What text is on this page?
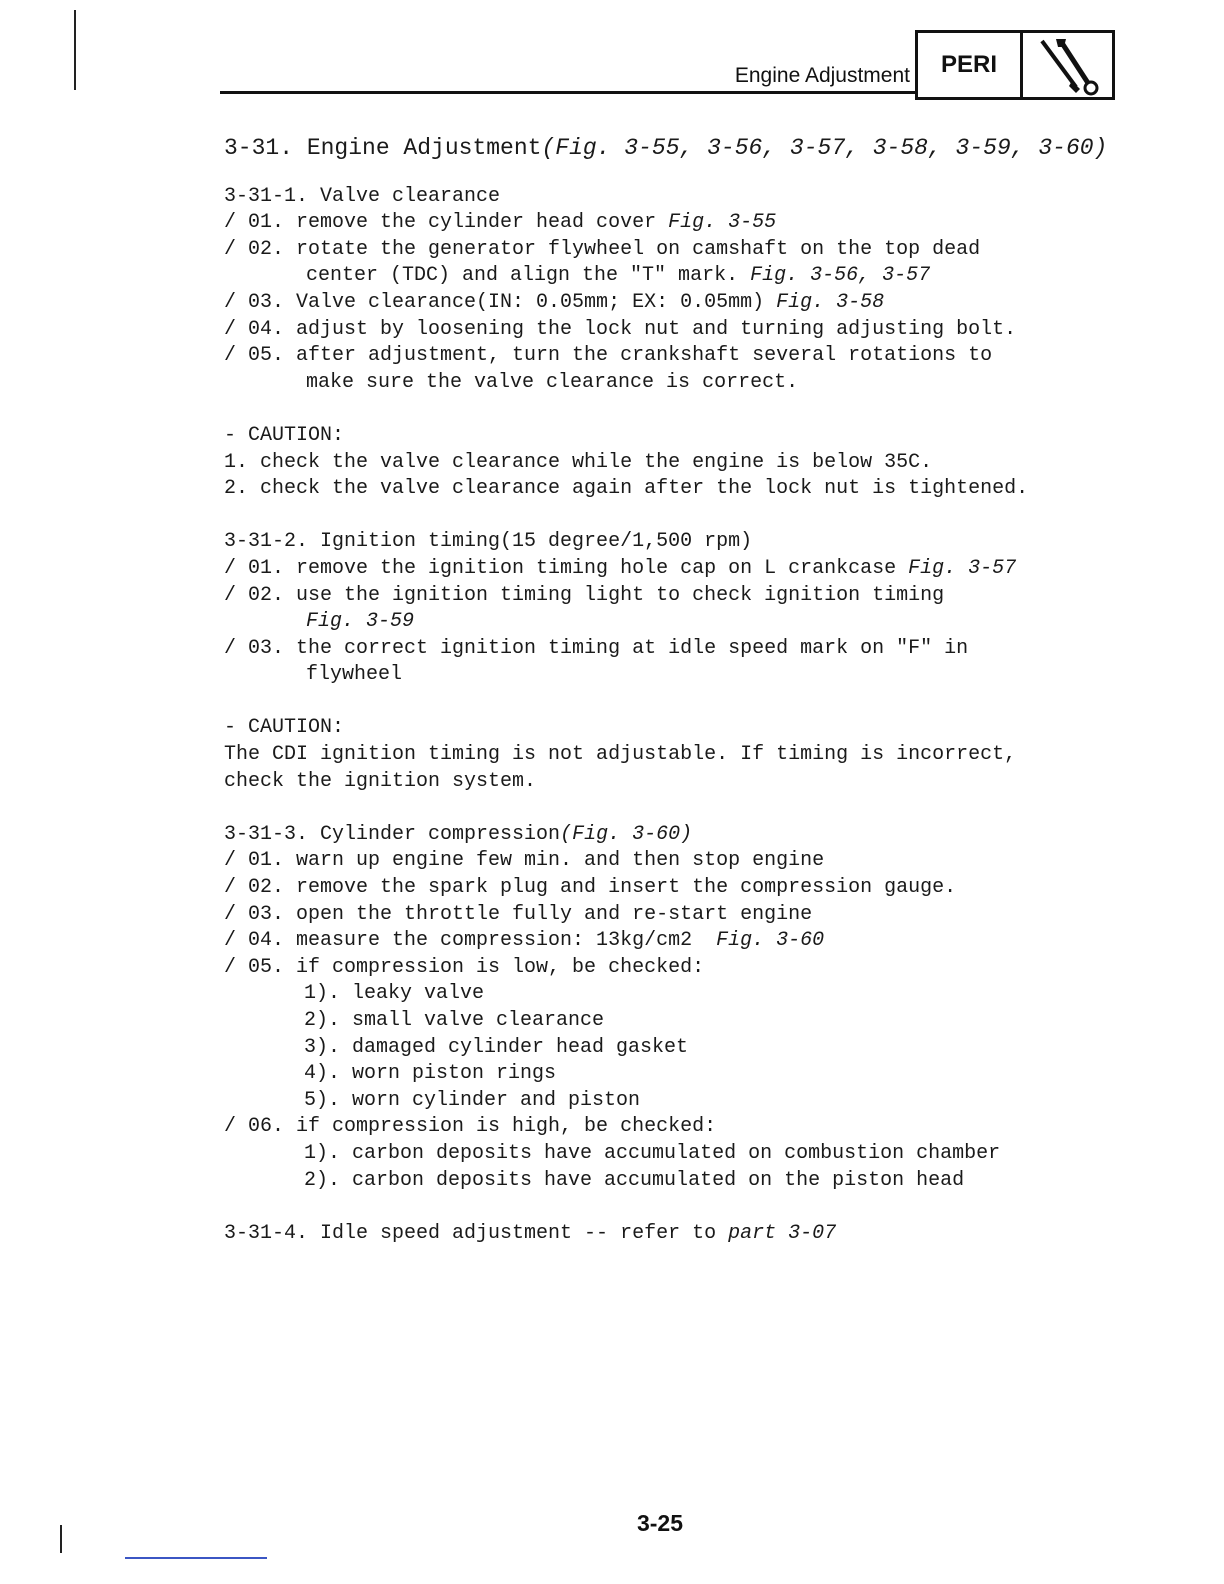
Engine Adjustment	PERI
3-31. Engine Adjustment(Fig. 3-55, 3-56, 3-57, 3-58, 3-59, 3-60)
3-31-1. Valve clearance
/ 01. remove the cylinder head cover Fig. 3-55
/ 02. rotate the generator flywheel on camshaft on the top dead
center (TDC) and align the "T" mark. Fig. 3-56, 3-57
/ 03. Valve clearance(IN: 0.05mm; EX: 0.05mm) Fig. 3-58
/ 04. adjust by loosening the lock nut and turning adjusting bolt.
/ 05. after adjustment, turn the crankshaft several rotations to
make sure the valve clearance is correct.
- CAUTION:
1. check the valve clearance while the engine is below 35C.
2. check the valve clearance again after the lock nut is tightened.
3-31-2. Ignition timing(15 degree/1,500 rpm)
/ 01. remove the ignition timing hole cap on L crankcase Fig. 3-57
/ 02. use the ignition timing light to check ignition timing
Fig. 3-59
/ 03. the correct ignition timing at idle speed mark on "F" in
flywheel
- CAUTION:
The CDI ignition timing is not adjustable. If timing is incorrect,
check the ignition system.
3-31-3. Cylinder compression(Fig. 3-60)
/ 01. warn up engine few min. and then stop engine
/ 02. remove the spark plug and insert the compression gauge.
/ 03. open the throttle fully and re-start engine
/ 04. measure the compression: 13kg/cm2  Fig. 3-60
/ 05. if compression is low, be checked:
1). leaky valve
2). small valve clearance
3). damaged cylinder head gasket
4). worn piston rings
5). worn cylinder and piston
/ 06. if compression is high, be checked:
1). carbon deposits have accumulated on combustion chamber
2). carbon deposits have accumulated on the piston head
3-31-4. Idle speed adjustment -- refer to part 3-07
3-25
